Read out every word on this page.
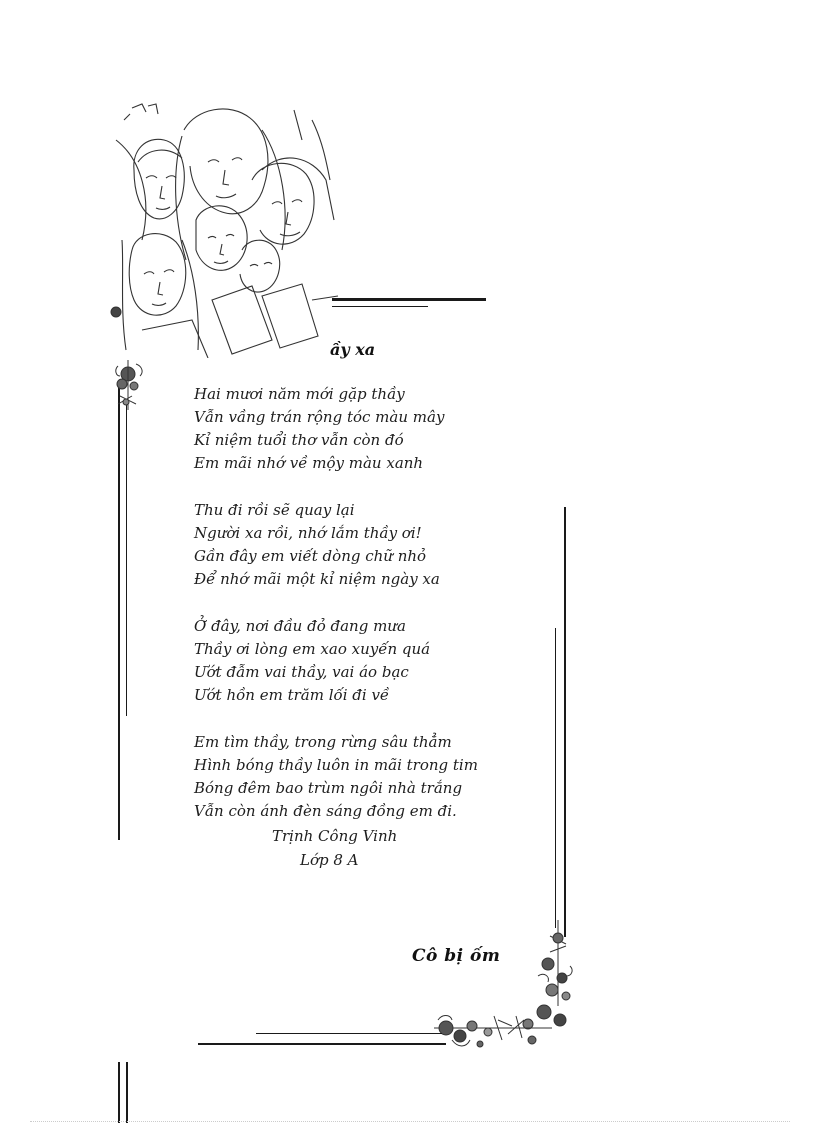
ầy xa
Hai mươi năm mới gặp thầy
Vẫn vầng trán rộng tóc màu mây
Kỉ niệm tuổi thơ vẫn còn đó
Em mãi nhớ về mộy màu xanh
Thu đi rồi sẽ quay lại
Người xa rồi, nhớ lắm thầy ơi!
Gần đây em viết dòng chữ nhỏ
Để nhớ mãi một kỉ niệm ngày xa
Ở đây, nơi đầu đỏ đang mưa
Thầy ơi lòng em xao xuyến quá
Ướt đẫm vai thầy, vai áo bạc
Ướt hồn em trăm lối đi về
Em tìm thầy, trong rừng sâu thẳm
Hình bóng thầy luôn in mãi trong tim
Bóng đêm bao trùm ngôi nhà trắng
Vẫn còn ánh đèn sáng đồng em đi.
Trịnh Công Vinh
Lớp 8 A
Cô bị ốm
